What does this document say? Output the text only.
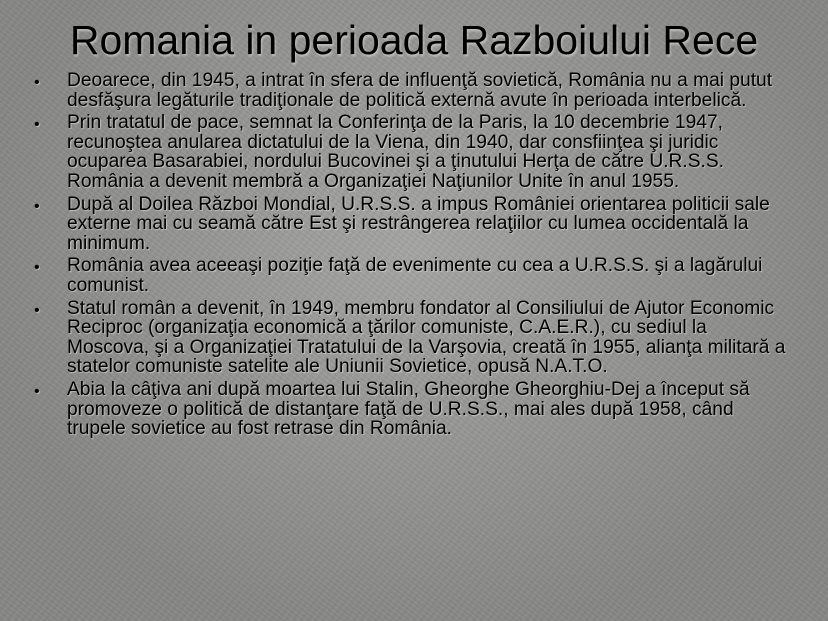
Romania in perioada Razboiului Rece
• Deoarece, din 1945, a intrat în sfera de influenţă sovietică, România nu a mai putut desfăşura legăturile tradiţionale de politică externă avute în perioada interbelică.
• Prin tratatul de pace, semnat la Conferinţa de la Paris, la 10 decembrie 1947, recunoştea anularea dictatului de la Viena, din 1940, dar consfiinţea şi juridic ocuparea Basarabiei, nordului Bucovinei şi a ţinutului Herţa de către U.R.S.S. România a devenit membră a Organizaţiei Naţiunilor Unite în anul 1955.
• După al Doilea Război Mondial, U.R.S.S. a impus României orientarea politicii sale externe mai cu seamă către Est şi restrângerea relaţiilor cu lumea occidentală la minimum.
• România avea aceeaşi poziţie faţă de evenimente cu cea a U.R.S.S. şi a lagărului comunist.
• Statul român a devenit, în 1949, membru fondator al Consiliului de Ajutor Economic Reciproc (organizaţia economică a ţărilor comuniste, C.A.E.R.), cu sediul la Moscova, şi a Organizaţiei Tratatului de la Varşovia, creată în 1955, alianţa militară a statelor comuniste satelite ale Uniunii Sovietice, opusă N.A.T.O.
• Abia la câţiva ani după moartea lui Stalin, Gheorghe Gheorghiu-Dej a început să promoveze o politică de distanţare faţă de U.R.S.S., mai ales după 1958, când trupele sovietice au fost retrase din România.
